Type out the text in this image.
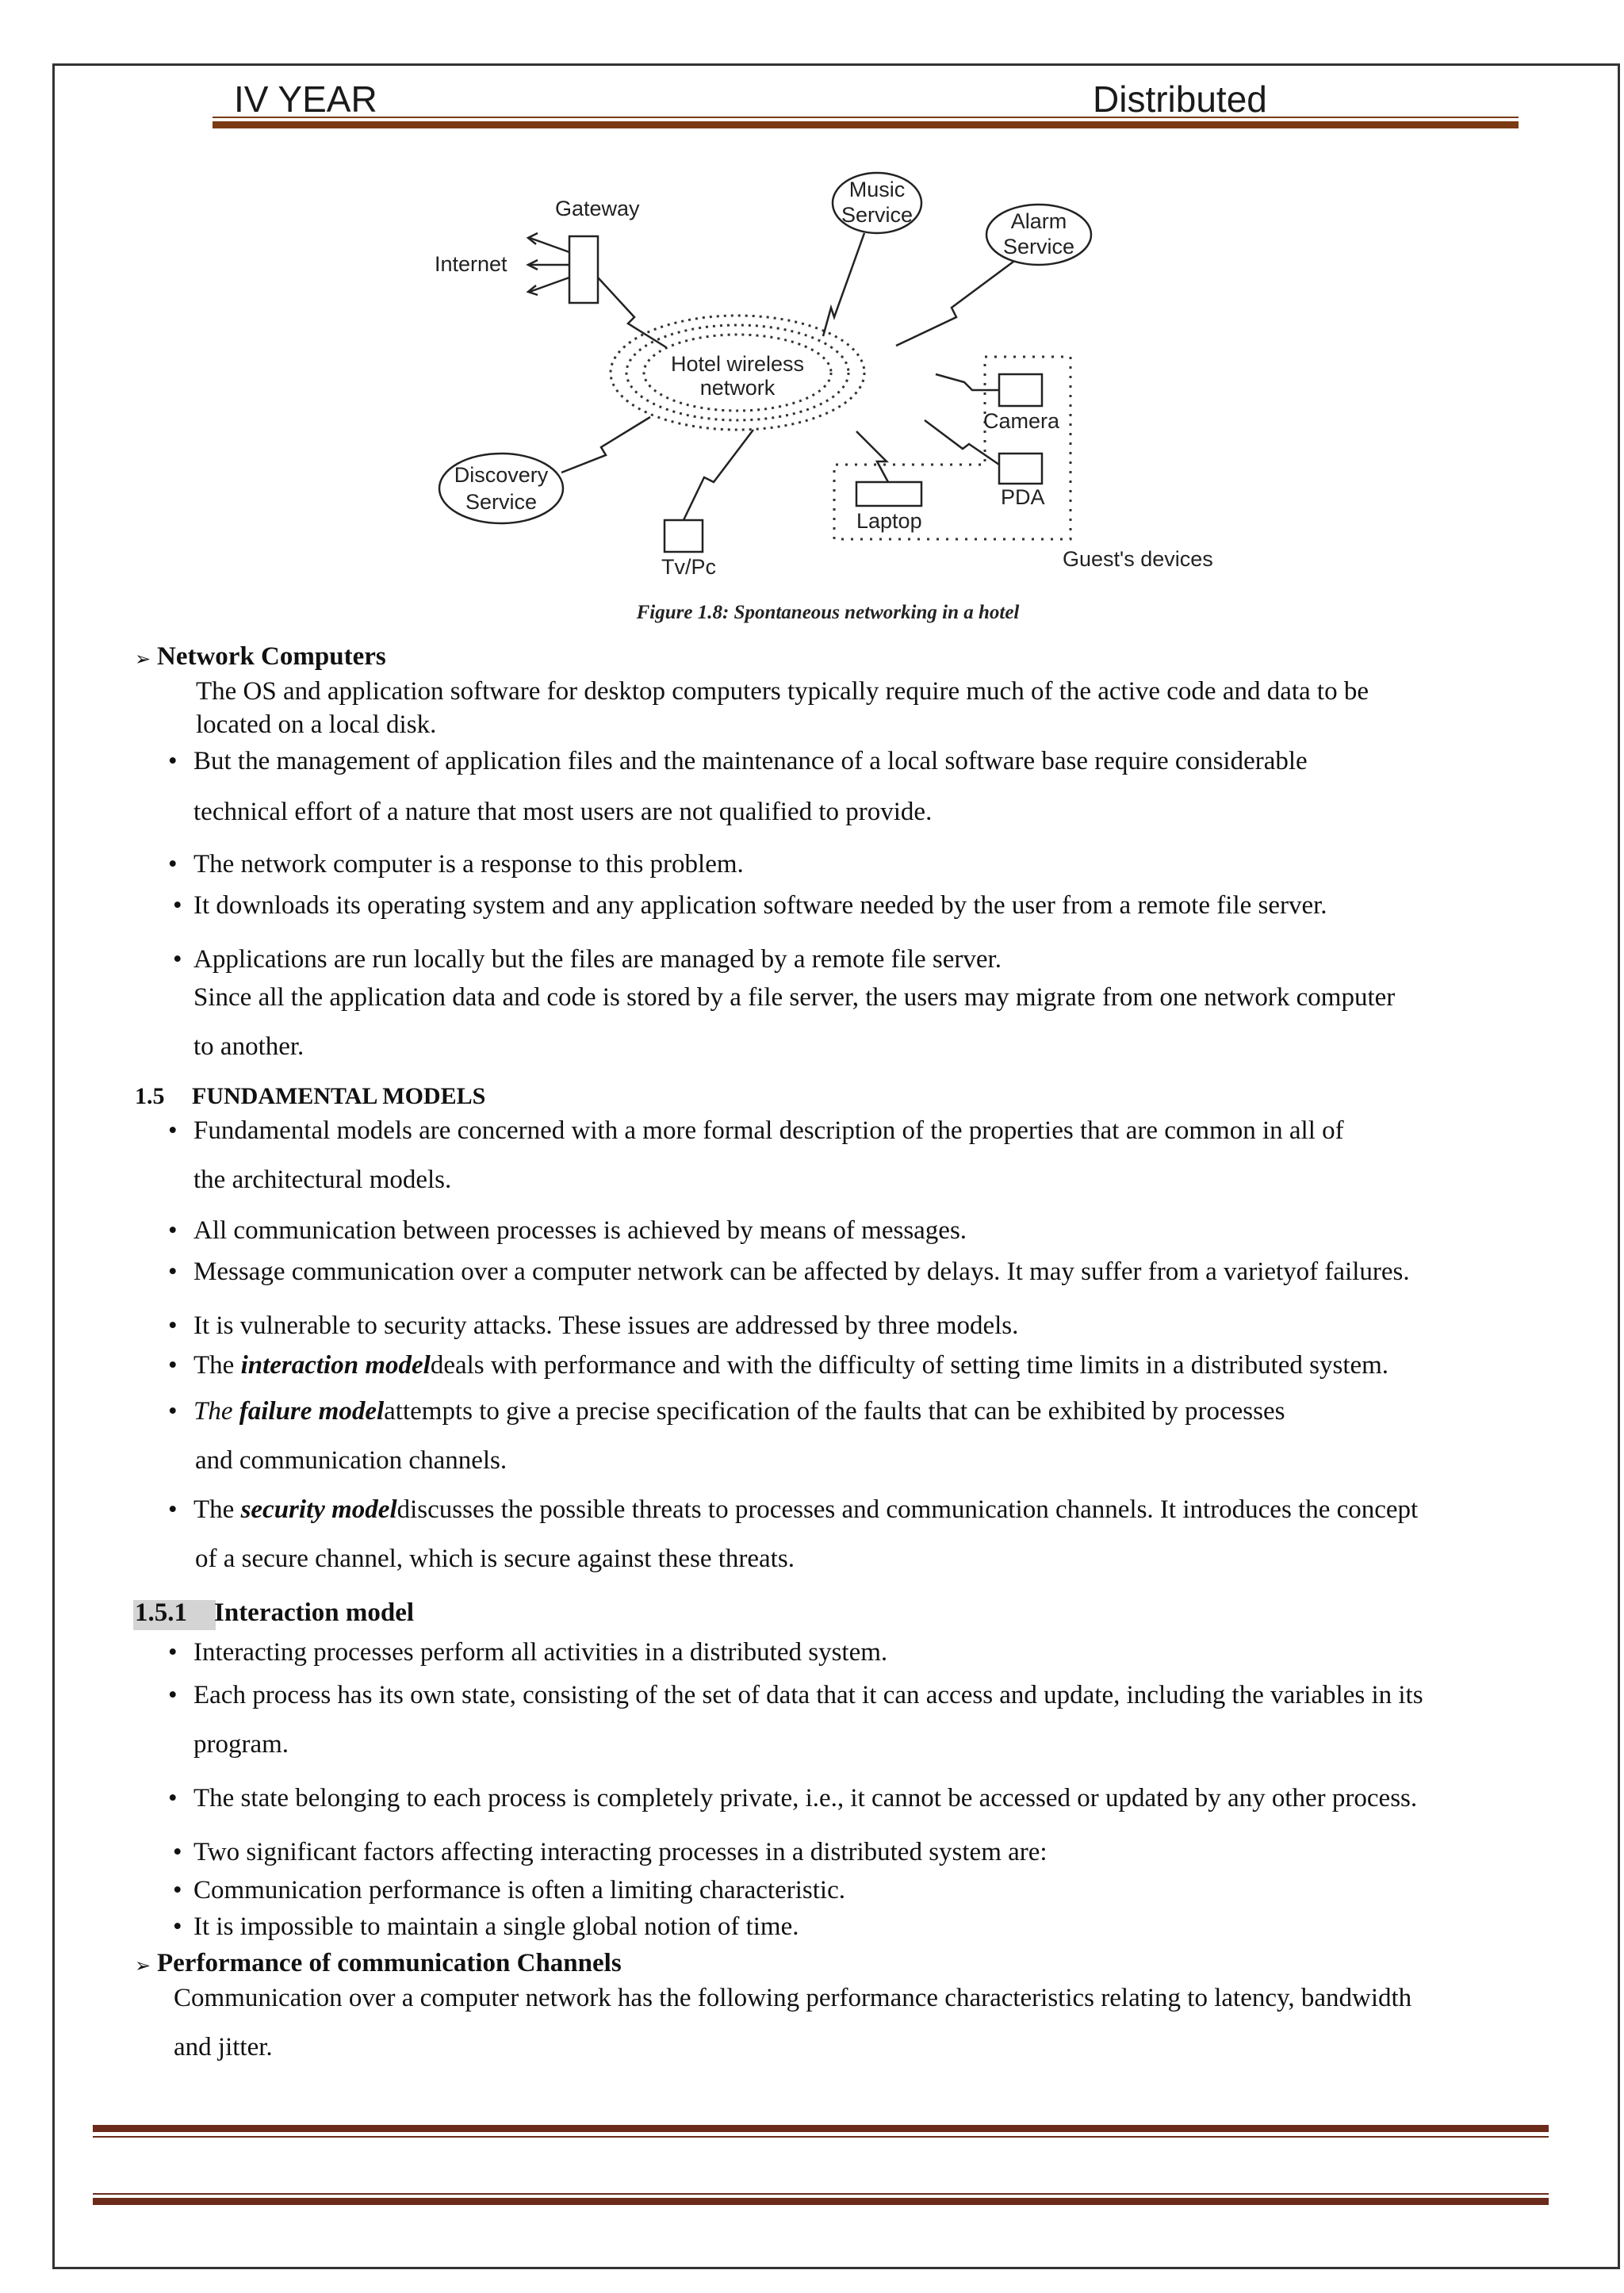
IV YEAR	Distributed
Hotel wireless
network
Gateway
Internet
Music
Service	Alarm
Service
Camera
PDA
Laptop
Guest's devices
Discovery
Service
Tv/Pc
Figure 1.8: Spontaneous networking in a hotel
➢ Network Computers
The OS and application software for desktop computers typically require much of the active code and data to be
located on a local disk.
• But the management of application files and the maintenance of a local software base require considerable
technical effort of a nature that most users are not qualified to provide.
• The network computer is a response to this problem.
• It downloads its operating system and any application software needed by the user from a remote file server.
• Applications are run locally but the files are managed by a remote file server.
Since all the application data and code is stored by a file server, the users may migrate from one network computer
to another.
1.5 FUNDAMENTAL MODELS
• Fundamental models are concerned with a more formal description of the properties that are common in all of
the architectural models.
• All communication between processes is achieved by means of messages.
• Message communication over a computer network can be affected by delays. It may suffer from a varietyof failures.
• It is vulnerable to security attacks. These issues are addressed by three models.
• The interaction modeldeals with performance and with the difficulty of setting time limits in a distributed system.
• The failure modelattempts to give a precise specification of the faults that can be exhibited by processes
and communication channels.
• The security modeldiscusses the possible threats to processes and communication channels. It introduces the concept
of a secure channel, which is secure against these threats.
1.5.1 Interaction model
• Interacting processes perform all activities in a distributed system.
• Each process has its own state, consisting of the set of data that it can access and update, including the variables in its
program.
• The state belonging to each process is completely private, i.e., it cannot be accessed or updated by any other process.
• Two significant factors affecting interacting processes in a distributed system are:
• Communication performance is often a limiting characteristic.
• It is impossible to maintain a single global notion of time.
➢ Performance of communication Channels
Communication over a computer network has the following performance characteristics relating to latency, bandwidth
and jitter.
